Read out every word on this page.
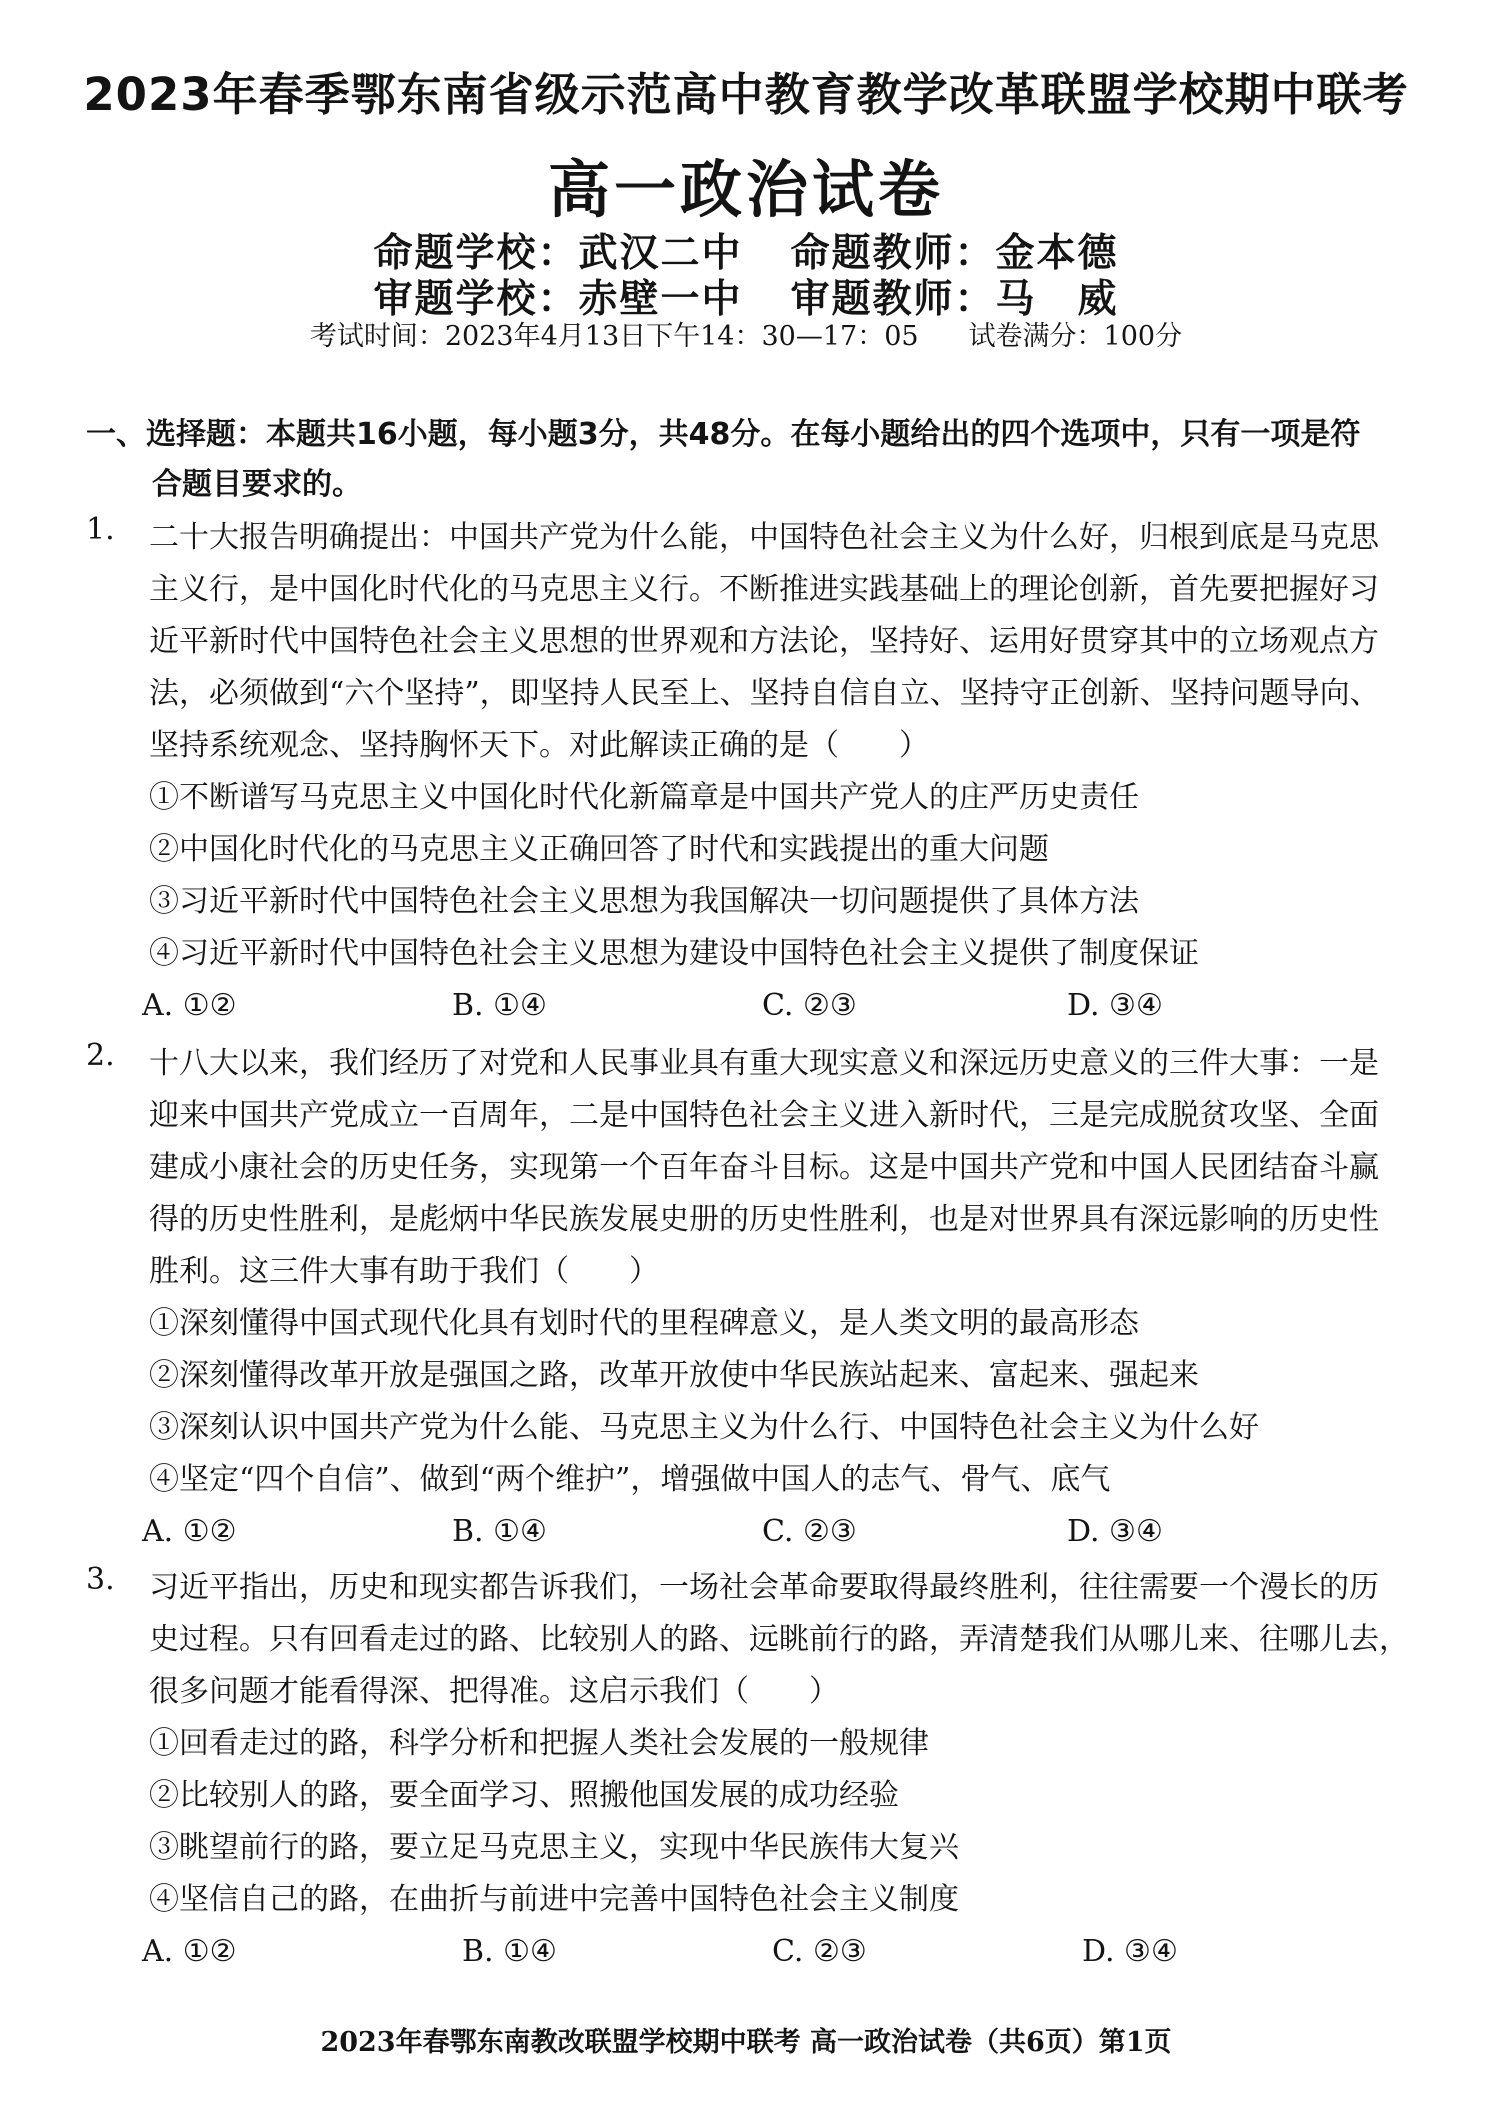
2023年春季鄂东南省级示范高中教育教学改革联盟学校期中联考
高一政治试卷
命题学校：武汉二中 命题教师：金本德
审题学校：赤壁一中 审题教师：马　威
考试时间：2023年4月13日下午14：30—17：05 试卷满分：100分
一、选择题：本题共16小题，每小题3分，共48分。在每小题给出的四个选项中，只有一项是符
合题目要求的。
1.	二十大报告明确提出：中国共产党为什么能，中国特色社会主义为什么好，归根到底是马克思
主义行，是中国化时代化的马克思主义行。不断推进实践基础上的理论创新，首先要把握好习
近平新时代中国特色社会主义思想的世界观和方法论，坚持好、运用好贯穿其中的立场观点方
法，必须做到“六个坚持”，即坚持人民至上、坚持自信自立、坚持守正创新、坚持问题导向、
坚持系统观念、坚持胸怀天下。对此解读正确的是（　　）
①不断谱写马克思主义中国化时代化新篇章是中国共产党人的庄严历史责任
②中国化时代化的马克思主义正确回答了时代和实践提出的重大问题
③习近平新时代中国特色社会主义思想为我国解决一切问题提供了具体方法
④习近平新时代中国特色社会主义思想为建设中国特色社会主义提供了制度保证
A. ①②	B. ①④	C. ②③	D. ③④
2.	十八大以来，我们经历了对党和人民事业具有重大现实意义和深远历史意义的三件大事：一是
迎来中国共产党成立一百周年，二是中国特色社会主义进入新时代，三是完成脱贫攻坚、全面
建成小康社会的历史任务，实现第一个百年奋斗目标。这是中国共产党和中国人民团结奋斗赢
得的历史性胜利，是彪炳中华民族发展史册的历史性胜利，也是对世界具有深远影响的历史性
胜利。这三件大事有助于我们（　　）
①深刻懂得中国式现代化具有划时代的里程碑意义，是人类文明的最高形态
②深刻懂得改革开放是强国之路，改革开放使中华民族站起来、富起来、强起来
③深刻认识中国共产党为什么能、马克思主义为什么行、中国特色社会主义为什么好
④坚定“四个自信”、做到“两个维护”，增强做中国人的志气、骨气、底气
A. ①②	B. ①④	C. ②③	D. ③④
3.	习近平指出，历史和现实都告诉我们，一场社会革命要取得最终胜利，往往需要一个漫长的历
史过程。只有回看走过的路、比较别人的路、远眺前行的路，弄清楚我们从哪儿来、往哪儿去，
很多问题才能看得深、把得准。这启示我们（　　）
①回看走过的路，科学分析和把握人类社会发展的一般规律
②比较别人的路，要全面学习、照搬他国发展的成功经验
③眺望前行的路，要立足马克思主义，实现中华民族伟大复兴
④坚信自己的路，在曲折与前进中完善中国特色社会主义制度
A. ①②	B. ①④	C. ②③	D. ③④
2023年春鄂东南教改联盟学校期中联考 高一政治试卷（共6页）第1页
